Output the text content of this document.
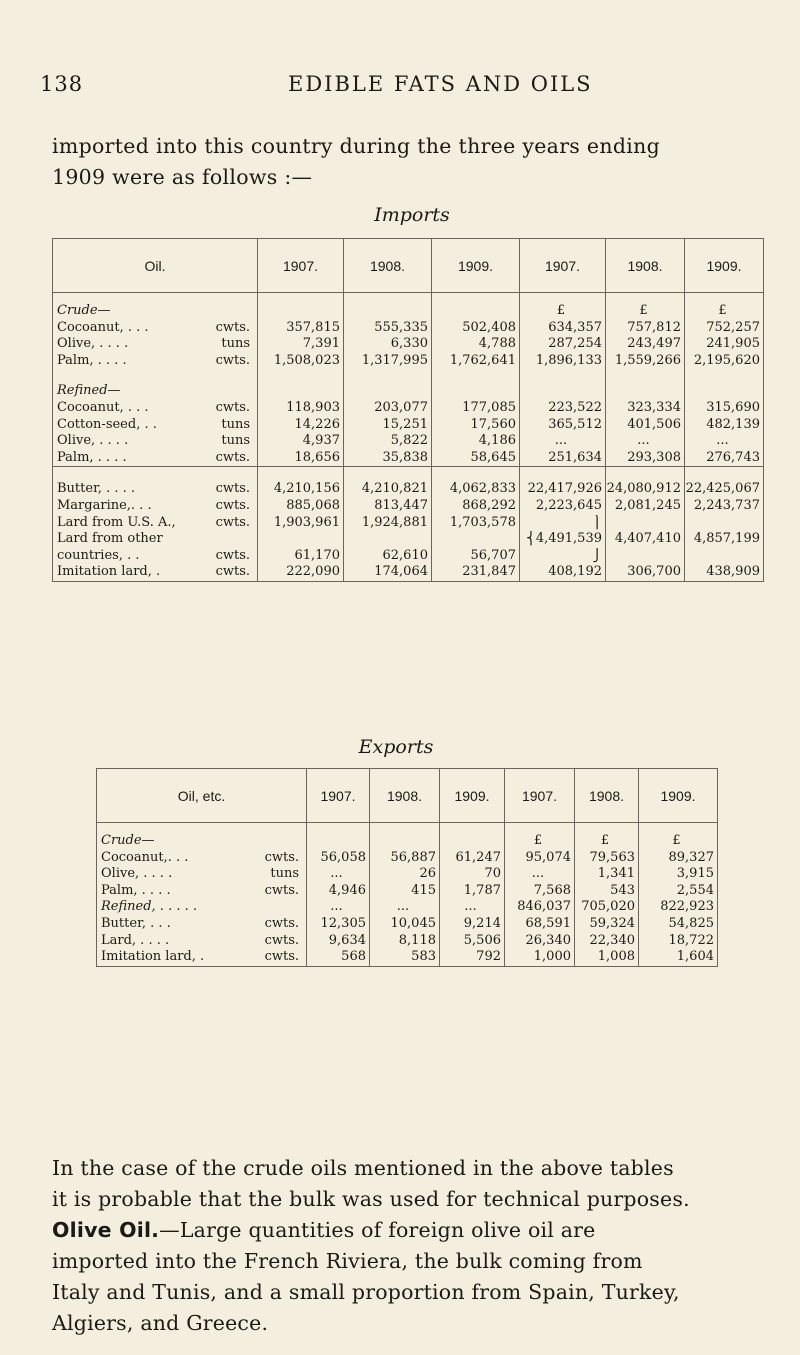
138	EDIBLE FATS AND OILS

imported into this country during the three years ending
1909 were as follows :—

Imports
Oil.	1907.	1908.	1909.	1907.	1908.	1909.

Crude—				£	£	£
Cocoanut, . . . cwts.	357,815	555,335	502,408	634,357	757,812	752,257
Olive, . . . . tuns	7,391	6,330	4,788	287,254	243,497	241,905
Palm, . . . . cwts.	1,508,023	1,317,995	1,762,641	1,896,133	1,559,266	2,195,620

Refined—						
Cocoanut, . . . cwts.	118,903	203,077	177,085	223,522	323,334	315,690
Cotton-seed, . . tuns	14,226	15,251	17,560	365,512	401,506	482,139
Olive, . . . . tuns	4,937	5,822	4,186	...	...	...
Palm, . . . . cwts.	18,656	35,838	58,645	251,634	293,308	276,743

Butter, . . . . cwts.	4,210,156	4,210,821	4,062,833	22,417,926	24,080,912	22,425,067
Margarine,. . . cwts.	885,068	813,447	868,292	2,223,645	2,081,245	2,243,737
Lard from U.S. A., cwts.	1,903,961	1,924,881	1,703,578	⎫		
Lard from other				⎨4,491,539	4,407,410	4,857,199
countries, . . cwts.	61,170	62,610	56,707	⎭		
Imitation lard, . cwts.	222,090	174,064	231,847	408,192	306,700	438,909
Exports
Oil, etc.	1907.	1908.	1909.	1907.	1908.	1909.

Crude—				£	£	£
Cocoanut,. . . cwts.	56,058	56,887	61,247	95,074	79,563	89,327
Olive, . . . . tuns	...	26	70	...	1,341	3,915
Palm, . . . . cwts.	4,946	415	1,787	7,568	543	2,554
Refined, . . . . .	...	...	...	846,037	705,020	822,923
Butter, . . . cwts.	12,305	10,045	9,214	68,591	59,324	54,825
Lard, . . . . cwts.	9,634	8,118	5,506	26,340	22,340	18,722
Imitation lard, . cwts.	568	583	792	1,000	1,008	1,604
In the case of the crude oils mentioned in the above tables
it is probable that the bulk was used for technical purposes.
Olive Oil.—Large quantities of foreign olive oil are
imported into the French Riviera, the bulk coming from
Italy and Tunis, and a small proportion from Spain, Turkey,
Algiers, and Greece.
